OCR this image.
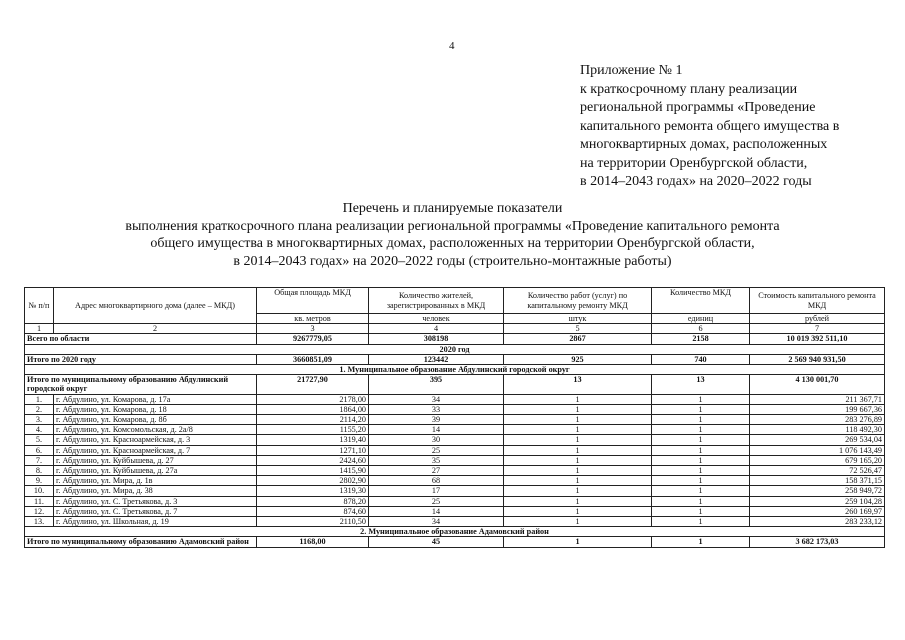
4
Приложение № 1
к краткосрочному плану реализации
региональной программы «Проведение
капитального ремонта общего имущества в
многоквартирных домах, расположенных
на территории Оренбургской области,
в 2014–2043 годах» на 2020–2022 годы
Перечень и планируемые показатели
выполнения краткосрочного плана реализации региональной программы «Проведение капитального ремонта
общего имущества в многоквартирных домах, расположенных на территории Оренбургской области,
в 2014–2043 годах» на 2020–2022 годы (строительно-монтажные работы)
№ п/п	Адрес многоквартирного дома (далее – МКД)	Общая площадь МКД	Количество жителей, зарегистрированных в МКД	Количество работ (услуг) по капитальному ремонту МКД	Количество МКД	Стоимость капитального ремонта МКД
		кв. метров	человек	штук	единиц	рублей
1	2	3	4	5	6	7
Всего по области		9267779,05	308198	2867	2158	10 019 392 511,10
2020 год						
Итого по 2020 году		3660851,09	123442	925	740	2 569 940 931,50
1. Муниципальное образование Абдулинский городской округ						
Итого по муниципальному образованию Абдулинский городской округ		21727,90	395	13	13	4 130 001,70
1.	г. Абдулино, ул. Комарова, д. 17а	2178,00	34	1	1	211 367,71
2.	г. Абдулино, ул. Комарова, д. 18	1864,00	33	1	1	199 667,36
3.	г. Абдулино, ул. Комарова, д. 8б	2114,20	39	1	1	283 276,89
4.	г. Абдулино, ул. Комсомольская, д. 2а/8	1155,20	14	1	1	118 492,30
5.	г. Абдулино, ул. Красноармейская, д. 3	1319,40	30	1	1	269 534,04
6.	г. Абдулино, ул. Красноармейская, д. 7	1271,10	25	1	1	1 076 143,49
7.	г. Абдулино, ул. Куйбышева, д. 27	2424,60	35	1	1	679 165,20
8.	г. Абдулино, ул. Куйбышева, д. 27а	1415,90	27	1	1	72 526,47
9.	г. Абдулино, ул. Мира, д. 1в	2802,90	68	1	1	158 371,15
10.	г. Абдулино, ул. Мира, д. 38	1319,30	17	1	1	258 949,72
11.	г. Абдулино, ул. С. Третьякова, д. 3	878,20	25	1	1	259 104,28
12.	г. Абдулино, ул. С. Третьякова, д. 7	874,60	14	1	1	260 169,97
13.	г. Абдулино, ул. Школьная, д. 19	2110,50	34	1	1	283 233,12
2. Муниципальное образование Адамовский район						
Итого по муниципальному образованию Адамовский район		1168,00	45	1	1	3 682 173,03
